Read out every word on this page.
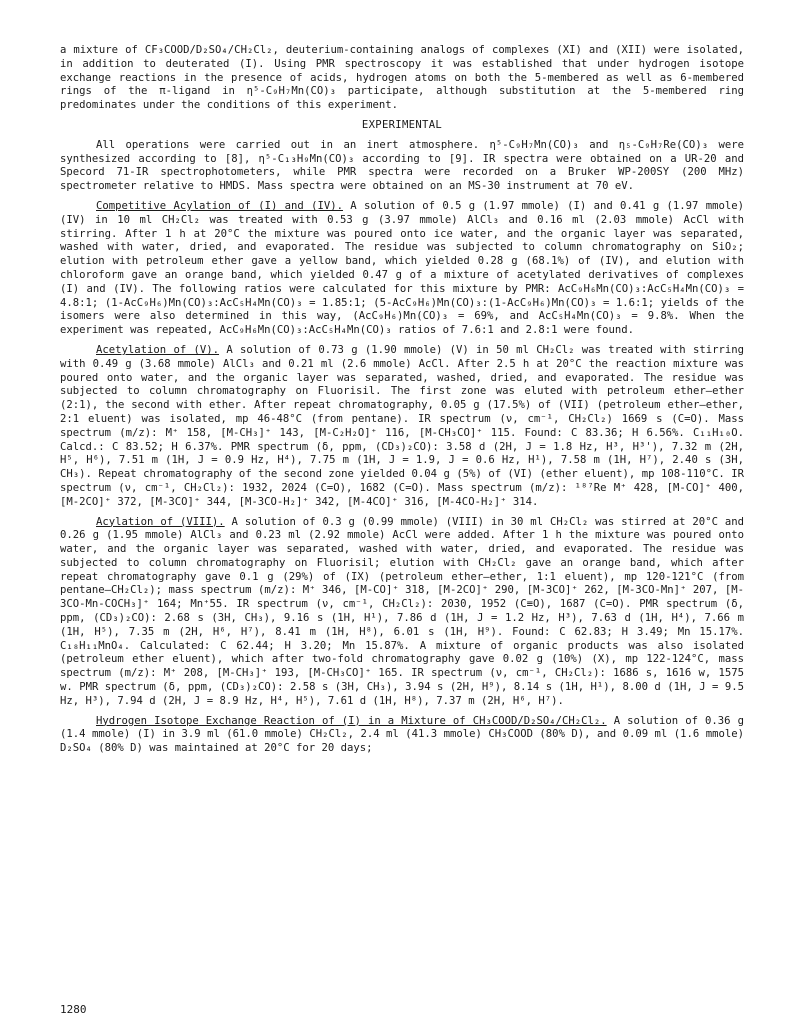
a mixture of CF₃COOD/D₂SO₄/CH₂Cl₂, deuterium-containing analogs of complexes (XI) and (XII) were isolated, in addition to deuterated (I). Using PMR spectroscopy it was established that under hydrogen isotope exchange reactions in the presence of acids, hydrogen atoms on both the 5-membered as well as 6-membered rings of the π-ligand in η⁵-C₉H₇Mn(CO)₃ participate, although substitution at the 5-membered ring predominates under the conditions of this experiment.

EXPERIMENTAL

All operations were carried out in an inert atmosphere. η⁵-C₉H₇Mn(CO)₃ and η₅-C₉H₇Re(CO)₃ were synthesized according to [8], η⁵-C₁₃H₉Mn(CO)₃ according to [9]. IR spectra were obtained on a UR-20 and Specord 71-IR spectrophotometers, while PMR spectra were recorded on a Bruker WP-200SY (200 MHz) spectrometer relative to HMDS. Mass spectra were obtained on an MS-30 instrument at 70 eV.

Competitive Acylation of (I) and (IV). A solution of 0.5 g (1.97 mmole) (I) and 0.41 g (1.97 mmole) (IV) in 10 ml CH₂Cl₂ was treated with 0.53 g (3.97 mmole) AlCl₃ and 0.16 ml (2.03 mmole) AcCl with stirring. After 1 h at 20°C the mixture was poured onto ice water, and the organic layer was separated, washed with water, dried, and evaporated. The residue was subjected to column chromatography on SiO₂; elution with petroleum ether gave a yellow band, which yielded 0.28 g (68.1%) of (IV), and elution with chloroform gave an orange band, which yielded 0.47 g of a mixture of acetylated derivatives of complexes (I) and (IV). The following ratios were calculated for this mixture by PMR: AcC₉H₆Mn(CO)₃:AcC₅H₄Mn(CO)₃ = 4.8:1; (1-AcC₉H₆)Mn(CO)₃:AcC₅H₄Mn(CO)₃ = 1.85:1; (5-AcC₉H₆)Mn(CO)₃:(1-AcC₉H₆)Mn(CO)₃ = 1.6:1; yields of the isomers were also determined in this way, (AcC₉H₆)Mn(CO)₃ = 69%, and AcC₅H₄Mn(CO)₃ = 9.8%. When the experiment was repeated, AcC₉H₆Mn(CO)₃:AcC₅H₄Mn(CO)₃ ratios of 7.6:1 and 2.8:1 were found.

Acetylation of (V). A solution of 0.73 g (1.90 mmole) (V) in 50 ml CH₂Cl₂ was treated with stirring with 0.49 g (3.68 mmole) AlCl₃ and 0.21 ml (2.6 mmole) AcCl. After 2.5 h at 20°C the reaction mixture was poured onto water, and the organic layer was separated, washed, dried, and evaporated. The residue was subjected to column chromatography on Fluorisil. The first zone was eluted with petroleum ether–ether (2:1), the second with ether. After repeat chromatography, 0.05 g (17.5%) of (VII) (petroleum ether–ether, 2:1 eluent) was isolated, mp 46-48°C (from pentane). IR spectrum (ν, cm⁻¹, CH₂Cl₂) 1669 s (C=O). Mass spectrum (m/z): M⁺ 158, [M-CH₃]⁺ 143, [M-C₂H₂O]⁺ 116, [M-CH₃CO]⁺ 115. Found: C 83.36; H 6.56%. C₁₁H₁₀O. Calcd.: C 83.52; H 6.37%. PMR spectrum (δ, ppm, (CD₃)₂CO): 3.58 d (2H, J = 1.8 Hz, H³, H³'), 7.32 m (2H, H⁵, H⁶), 7.51 m (1H, J = 0.9 Hz, H⁴), 7.75 m (1H, J = 1.9, J = 0.6 Hz, H¹), 7.58 m (1H, H⁷), 2.40 s (3H, CH₃). Repeat chromatography of the second zone yielded 0.04 g (5%) of (VI) (ether eluent), mp 108-110°C. IR spectrum (ν, cm⁻¹, CH₂Cl₂): 1932, 2024 (C=O), 1682 (C=O). Mass spectrum (m/z): ¹⁸⁷Re M⁺ 428, [M-CO]⁺ 400, [M-2CO]⁺ 372, [M-3CO]⁺ 344, [M-3CO-H₂]⁺ 342, [M-4CO]⁺ 316, [M-4CO-H₂]⁺ 314.

Acylation of (VIII). A solution of 0.3 g (0.99 mmole) (VIII) in 30 ml CH₂Cl₂ was stirred at 20°C and 0.26 g (1.95 mmole) AlCl₃ and 0.23 ml (2.92 mmole) AcCl were added. After 1 h the mixture was poured onto water, and the organic layer was separated, washed with water, dried, and evaporated. The residue was subjected to column chromatography on Fluorisil; elution with CH₂Cl₂ gave an orange band, which after repeat chromatography gave 0.1 g (29%) of (IX) (petroleum ether–ether, 1:1 eluent), mp 120-121°C (from pentane–CH₂Cl₂); mass spectrum (m/z): M⁺ 346, [M-CO]⁺ 318, [M-2CO]⁺ 290, [M-3CO]⁺ 262, [M-3CO-Mn]⁺ 207, [M-3CO-Mn-COCH₃]⁺ 164; Mn⁺55. IR spectrum (ν, cm⁻¹, CH₂Cl₂): 2030, 1952 (C≡O), 1687 (C=O). PMR spectrum (δ, ppm, (CD₃)₂CO): 2.68 s (3H, CH₃), 9.16 s (1H, H¹), 7.86 d (1H, J = 1.2 Hz, H³), 7.63 d (1H, H⁴), 7.66 m (1H, H⁵), 7.35 m (2H, H⁶, H⁷), 8.41 m (1H, H⁸), 6.01 s (1H, H⁹). Found: C 62.83; H 3.49; Mn 15.17%. C₁₈H₁₁MnO₄. Calculated: C 62.44; H 3.20; Mn 15.87%. A mixture of organic products was also isolated (petroleum ether eluent), which after two-fold chromatography gave 0.02 g (10%) (X), mp 122-124°C, mass spectrum (m/z): M⁺ 208, [M-CH₃]⁺ 193, [M-CH₃CO]⁺ 165. IR spectrum (ν, cm⁻¹, CH₂Cl₂): 1686 s, 1616 w, 1575 w. PMR spectrum (δ, ppm, (CD₃)₂CO): 2.58 s (3H, CH₃), 3.94 s (2H, H⁹), 8.14 s (1H, H¹), 8.00 d (1H, J = 9.5 Hz, H³), 7.94 d (2H, J = 8.9 Hz, H⁴, H⁵), 7.61 d (1H, H⁸), 7.37 m (2H, H⁶, H⁷).

Hydrogen Isotope Exchange Reaction of (I) in a Mixture of CH₃COOD/D₂SO₄/CH₂Cl₂. A solution of 0.36 g (1.4 mmole) (I) in 3.9 ml (61.0 mmole) CH₂Cl₂, 2.4 ml (41.3 mmole) CH₃COOD (80% D), and 0.09 ml (1.6 mmole) D₂SO₄ (80% D) was maintained at 20°C for 20 days;

1280
